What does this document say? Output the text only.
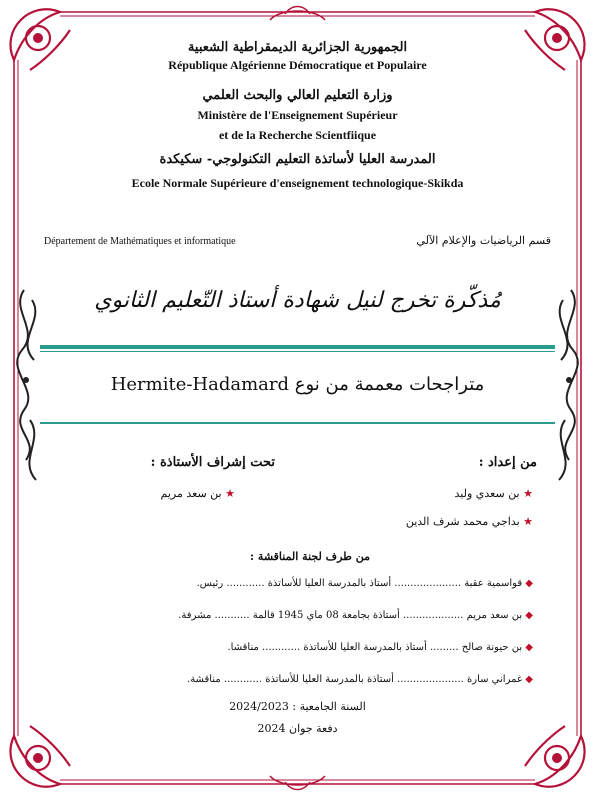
الجمهورية الجزائرية الديمقراطية الشعبية
République Algérienne Démocratique et Populaire
وزارة التعليم العالي والبحث العلمي
Ministère de l'Enseignement Supérieur
et de la Recherche Scientfiique
المدرسة العليا لأساتذة التعليم التكنولوجي- سكيكدة
Ecole Normale Supérieure d'enseignement technologique-Skikda
Département de Mathématiques et informatique	قسم الرياضيات والإعلام الآلي
مُذكّرة تخرج لنيل شهادة أستاذ التّعليم الثانوي
متراجحات معممة من نوع Hermite-Hadamard
من إعداد :
★ بن سعدي وليد
★ بداجي محمد شرف الدين
تحت إشراف الأستاذة :
★ بن سعد مريم
من طرف لجنة المناقشة :
◆ قواسمية عقبة ..................... أستاذ بالمدرسة العليا للأساتذة ............ رئيس.
◆ بن سعد مريم ................... أستاذة بجامعة 08 ماي 1945 قالمة ........... مشرفة.
◆ بن حيونة صالح ......... أستاذ بالمدرسة العليا للأساتذة ............ مناقشا.
◆ غمراني سارة ..................... أستاذة بالمدرسة العليا للأساتذة ............ مناقشة.
السنة الجامعية : 2024/2023
دفعة جوان 2024
